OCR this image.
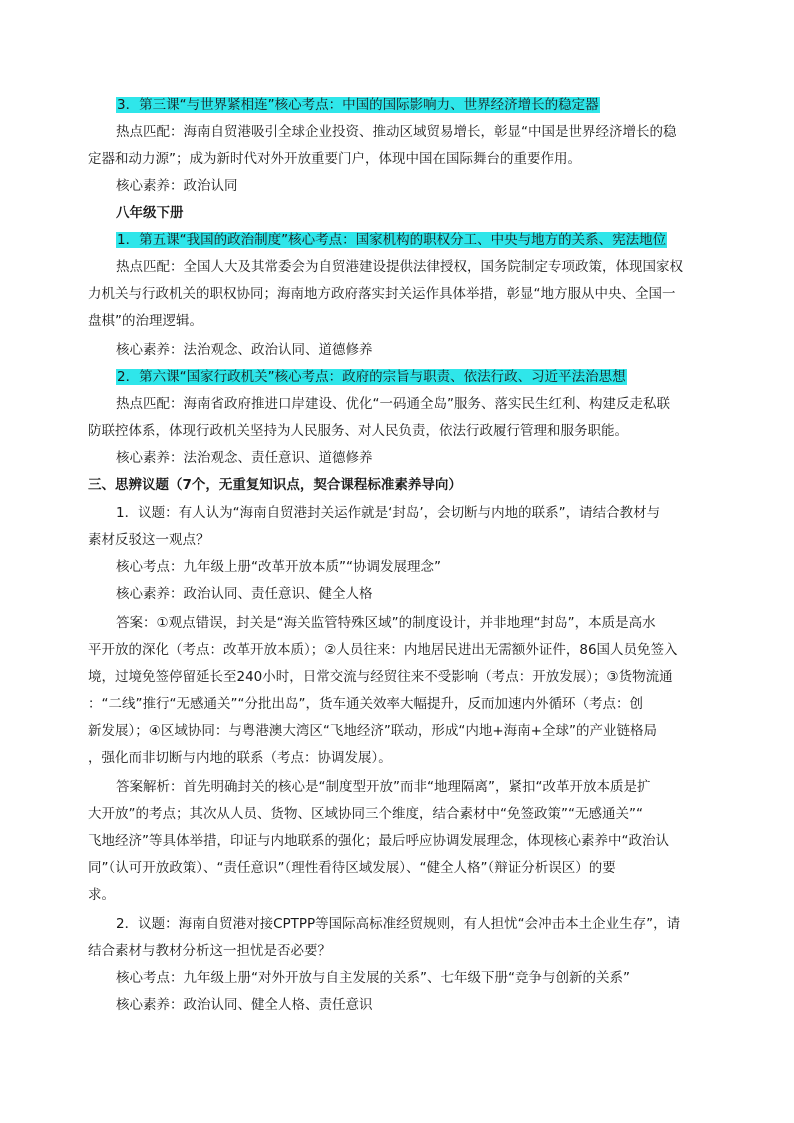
3．第三课“与世界紧相连”核心考点：中国的国际影响力、世界经济增长的稳定器
热点匹配：海南自贸港吸引全球企业投资、推动区域贸易增长，彰显“中国是世界经济增长的稳
定器和动力源”；成为新时代对外开放重要门户，体现中国在国际舞台的重要作用。
核心素养：政治认同
八年级下册
1．第五课“我国的政治制度”核心考点：国家机构的职权分工、中央与地方的关系、宪法地位
热点匹配：全国人大及其常委会为自贸港建设提供法律授权，国务院制定专项政策，体现国家权
力机关与行政机关的职权协同；海南地方政府落实封关运作具体举措，彰显“地方服从中央、全国一
盘棋”的治理逻辑。
核心素养：法治观念、政治认同、道德修养
2．第六课“国家行政机关”核心考点：政府的宗旨与职责、依法行政、习近平法治思想
热点匹配：海南省政府推进口岸建设、优化“一码通全岛”服务、落实民生红利、构建反走私联
防联控体系，体现行政机关坚持为人民服务、对人民负责，依法行政履行管理和服务职能。
核心素养：法治观念、责任意识、道德修养
三、思辨议题（7个，无重复知识点，契合课程标准素养导向）
1．议题：有人认为“海南自贸港封关运作就是‘封岛’，会切断与内地的联系”，请结合教材与
素材反驳这一观点？
核心考点：九年级上册“改革开放本质”“协调发展理念”
核心素养：政治认同、责任意识、健全人格
答案：①观点错误，封关是“海关监管特殊区域”的制度设计，并非地理“封岛”，本质是高水
平开放的深化（考点：改革开放本质）；②人员往来：内地居民进出无需额外证件，86国人员免签入
境，过境免签停留延长至240小时，日常交流与经贸往来不受影响（考点：开放发展）；③货物流通
：“二线”推行“无感通关”“分批出岛”，货车通关效率大幅提升，反而加速内外循环（考点：创
新发展）；④区域协同：与粤港澳大湾区“飞地经济”联动，形成“内地+海南+全球”的产业链格局
，强化而非切断与内地的联系（考点：协调发展）。
答案解析：首先明确封关的核心是“制度型开放”而非“地理隔离”，紧扣“改革开放本质是扩
大开放”的考点；其次从人员、货物、区域协同三个维度，结合素材中“免签政策”“无感通关”“
飞地经济”等具体举措，印证与内地联系的强化；最后呼应协调发展理念，体现核心素养中“政治认
同”（认可开放政策）、“责任意识”（理性看待区域发展）、“健全人格”（辩证分析误区）的要
求。
2．议题：海南自贸港对接CPTPP等国际高标准经贸规则，有人担忧“会冲击本土企业生存”，请
结合素材与教材分析这一担忧是否必要？
核心考点：九年级上册“对外开放与自主发展的关系”、七年级下册“竞争与创新的关系”
核心素养：政治认同、健全人格、责任意识
